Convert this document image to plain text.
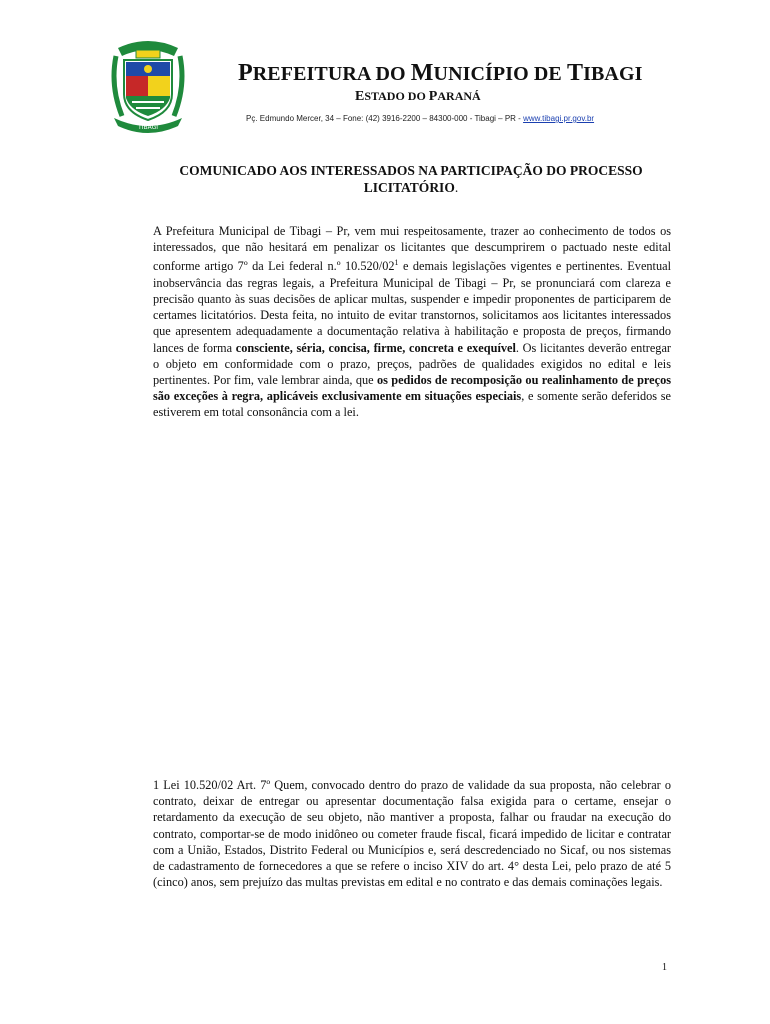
TIBAGI
PREFEITURA DO MUNICÍPIO DE TIBAGI
ESTADO DO PARANÁ
Pç. Edmundo Mercer, 34 – Fone: (42) 3916-2200 – 84300-000 - Tibagi – PR - www.tibagi.pr.gov.br
COMUNICADO AOS INTERESSADOS NA PARTICIPAÇÃO DO PROCESSO LICITATÓRIO.
A Prefeitura Municipal de Tibagi – Pr, vem mui respeitosamente, trazer ao conhecimento de todos os interessados, que não hesitará em penalizar os licitantes que descumprirem o pactuado neste edital conforme artigo 7º da Lei federal n.º $10.520/02^1$ e demais legislações vigentes e pertinentes. Eventual inobservância das regras legais, a Prefeitura Municipal de Tibagi – Pr, se pronunciará com clareza e precisão quanto às suas decisões de aplicar multas, suspender e impedir proponentes de participarem de certames licitatórios. Desta feita, no intuito de evitar transtornos, solicitamos aos licitantes interessados que apresentem adequadamente a documentação relativa à habilitação e proposta de preços, firmando lances de forma consciente, séria, concisa, firme, concreta e exequível. Os licitantes deverão entregar o objeto em conformidade com o prazo, preços, padrões de qualidades exigidos no edital e leis pertinentes. Por fim, vale lembrar ainda, que os pedidos de recomposição ou realinhamento de preços são exceções à regra, aplicáveis exclusivamente em situações especiais, e somente serão deferidos se estiverem em total consonância com a lei.
1 Lei 10.520/02 Art. 7º Quem, convocado dentro do prazo de validade da sua proposta, não celebrar o contrato, deixar de entregar ou apresentar documentação falsa exigida para o certame, ensejar o retardamento da execução de seu objeto, não mantiver a proposta, falhar ou fraudar na execução do contrato, comportar-se de modo inidôneo ou cometer fraude fiscal, ficará impedido de licitar e contratar com a União, Estados, Distrito Federal ou Municípios e, será descredenciado no Sicaf, ou nos sistemas de cadastramento de fornecedores a que se refere o inciso XIV do art. 4° desta Lei, pelo prazo de até 5 (cinco) anos, sem prejuízo das multas previstas em edital e no contrato e das demais cominações legais.
1
